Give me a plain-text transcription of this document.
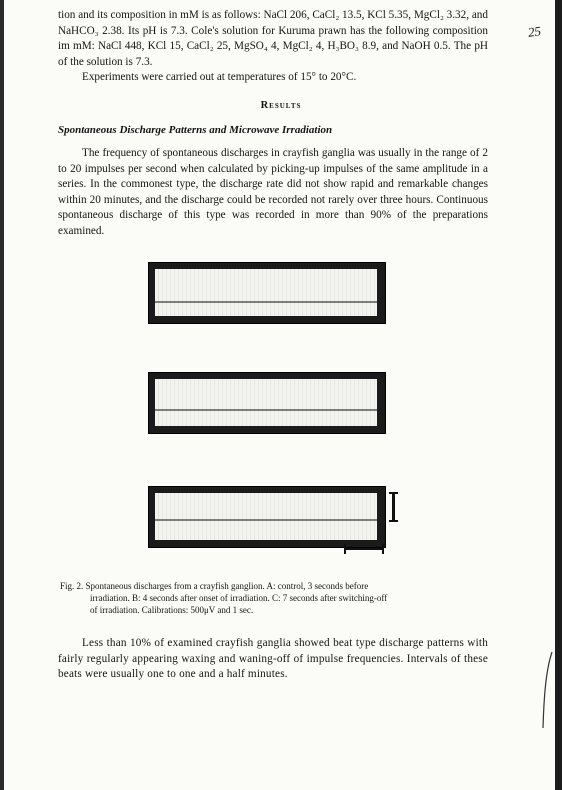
25

tion and its composition in mM is as follows: NaCl 206, CaCl₂ 13.5, KCl 5.35, MgCl₂ 3.32, and NaHCO₃ 2.38. Its pH is 7.3. Cole's solution for Kuruma prawn has the following composition im mM: NaCl 448, KCl 15, CaCl₂ 25, MgSO₄ 4, MgCl₂ 4, H₃BO₃ 8.9, and NaOH 0.5. The pH of the solution is 7.3.

Experiments were carried out at temperatures of 15° to 20°C.

Results

Spontaneous Discharge Patterns and Microwave Irradiation

The frequency of spontaneous discharges in crayfish ganglia was usually in the range of 2 to 20 impulses per second when calculated by picking-up impulses of the same amplitude in a series. In the commonest type, the discharge rate did not show rapid and remarkable changes within 20 minutes, and the discharge could be recorded not rarely over three hours. Continuous spontaneous discharge of this type was recorded in more than 90% of the preparations examined.

Fig. 2. Spontaneous discharges from a crayfish ganglion. A: control, 3 seconds before
irradiation. B: 4 seconds after onset of irradiation. C: 7 seconds after switching-off
of irradiation. Calibrations: 500μV and 1 sec.

Less than 10% of examined crayfish ganglia showed beat type discharge patterns with fairly regularly appearing waxing and waning-off of impulse frequencies. Intervals of these beats were usually one to one and a half minutes.
